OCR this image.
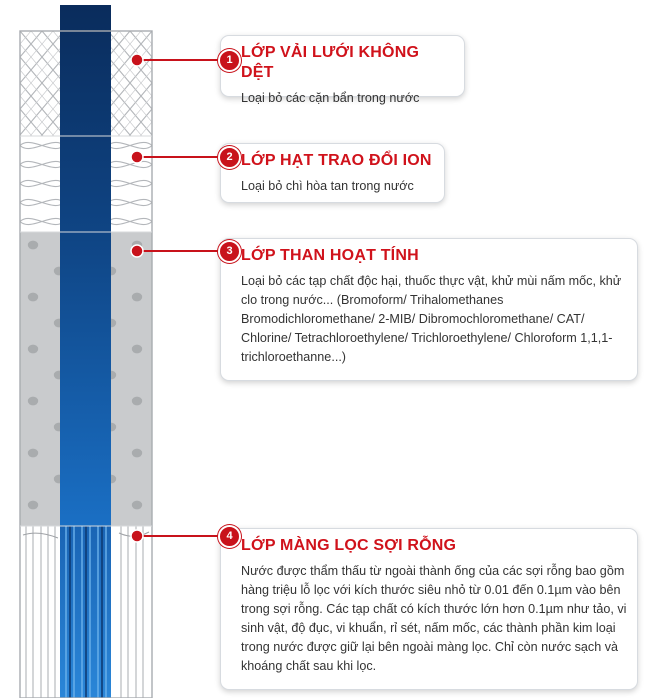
LỚP VẢI LƯỚI KHÔNG DỆT
Loại bỏ các cặn bẩn trong nước
1
LỚP HẠT TRAO ĐỔI ION
Loại bỏ chì hòa tan trong nước
2
LỚP THAN HOẠT TÍNH
Loại bỏ các tạp chất độc hại, thuốc thực vật, khử mùi nấm mốc, khử clo trong nước... (Bromoform/ Trihalomethanes Bromodichloromethane/ 2-MIB/ Dibromochloromethane/ CAT/ Chlorine/ Tetrachloroethylene/ Trichloroethylene/ Chloroform 1,1,1-trichloroethanne...)
3
LỚP MÀNG LỌC SỢI RỖNG
Nước được thẩm thấu từ ngoài thành ống của các sợi rỗng bao gồm hàng triệu lỗ lọc với kích thước siêu nhỏ từ 0.01 đến 0.1µm vào bên trong sợi rỗng. Các tạp chất có kích thước lớn hơn 0.1µm như tảo, vi sinh vật, độ đục, vi khuẩn, rỉ sét, nấm mốc, các thành phần kim loại trong nước được giữ lại bên ngoài màng lọc. Chỉ còn nước sạch và khoáng chất sau khi lọc.
4
